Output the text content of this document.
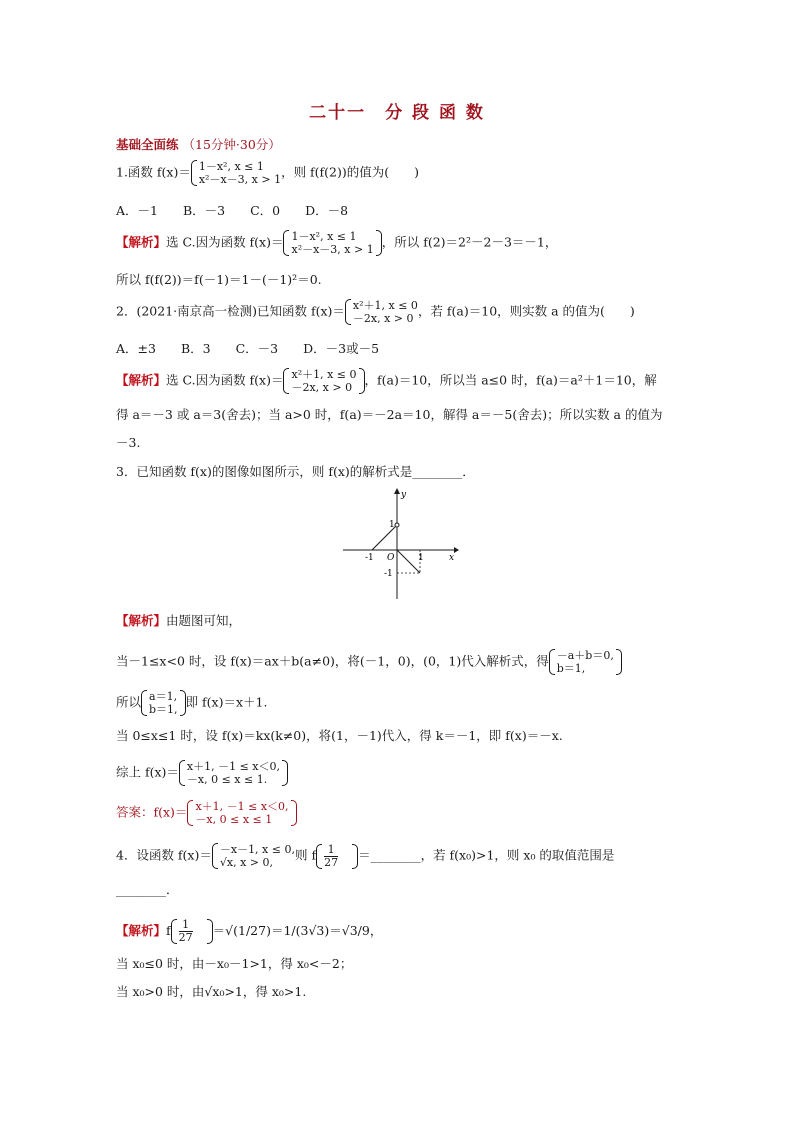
二十一　分 段 函 数
基础全面练 （15分钟·30分）
1.函数 f(x)＝ 1－x², x ≤ 1
x²－x－3, x > 1 ，则 f(f(2))的值为(　　)
A．－1　　B．－3　　C．0　　D．－8
【解析】选 C.因为函数 f(x)＝ 1－x², x ≤ 1
x²－x－3, x > 1 ，所以 f(2)＝2²－2－3＝－1，
所以 f(f(2))＝f(－1)＝1－(－1)²＝0.
2．(2021·南京高一检测)已知函数 f(x)＝ x²＋1, x ≤ 0
－2x, x > 0 ，若 f(a)＝10，则实数 a 的值为(　　)
A．±3　　B．3　　C．－3　　D．－3或－5
【解析】选 C.因为函数 f(x)＝ x²＋1, x ≤ 0
－2x, x > 0 ，f(a)＝10，所以当 a≤0 时，f(a)＝a²＋1＝10，解
得 a＝－3 或 a＝3(舍去)；当 a>0 时，f(a)＝－2a＝10，解得 a＝－5(舍去)；所以实数 a 的值为
－3.
3．已知函数 f(x)的图像如图所示，则 f(x)的解析式是________．
y
x
O
1
-1
1
-1
【解析】由题图可知，
当－1≤x<0 时，设 f(x)＝ax＋b(a≠0)，将(－1，0)，(0，1)代入解析式，得 －a＋b＝0,
b＝1,
所以 a＝1,
b＝1, 即 f(x)＝x＋1.
当 0≤x≤1 时，设 f(x)＝kx(k≠0)，将(1，－1)代入，得 k＝－1，即 f(x)＝－x.
综上 f(x)＝ x＋1, －1 ≤ x＜0,
－x, 0 ≤ x ≤ 1.
答案：f(x)＝ x＋1, －1 ≤ x＜0,
－x, 0 ≤ x ≤ 1
4．设函数 f(x)＝ －x－1, x ≤ 0,
√x, x > 0,	则 f $\frac{1}{27}$ ＝________，若 f(x₀)>1，则 x₀ 的取值范围是
________．
【解析】f $\frac{1}{27} =√(1/27)=1/(3√3)=√3/9$，
当 x₀≤0 时，由－x₀－1>1，得 x₀<－2；
当 x₀>0 时，由√x₀>1，得 x₀>1.
